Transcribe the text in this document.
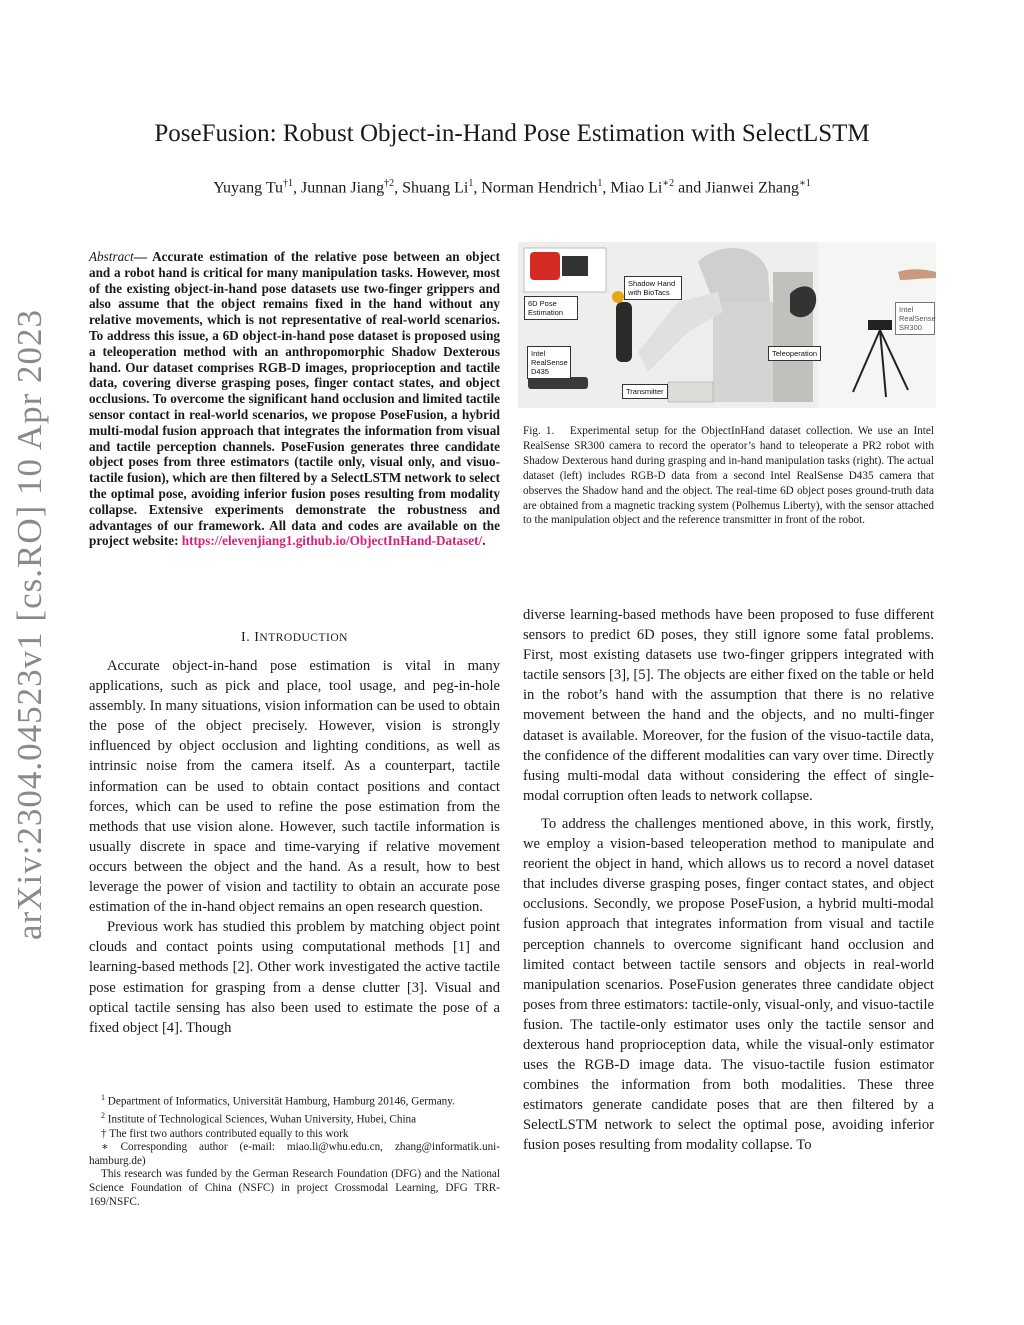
arXiv:2304.04523v1 [cs.RO] 10 Apr 2023
PoseFusion: Robust Object-in-Hand Pose Estimation with SelectLSTM
Yuyang Tu$^{\dagger 1}$, Junnan Jiang$^{\dagger 2}$, Shuang Li$^1$, Norman Hendrich$^1$, Miao $Li^{∗2}$ and Jianwei Zhang$^{∗1}$
Abstract— Accurate estimation of the relative pose between an object and a robot hand is critical for many manipulation tasks. However, most of the existing object-in-hand pose datasets use two-finger grippers and also assume that the object remains fixed in the hand without any relative movements, which is not representative of real-world scenarios. To address this issue, a 6D object-in-hand pose dataset is proposed using a teleoperation method with an anthropomorphic Shadow Dexterous hand. Our dataset comprises RGB-D images, proprioception and tactile data, covering diverse grasping poses, finger contact states, and object occlusions. To overcome the significant hand occlusion and limited tactile sensor contact in real-world scenarios, we propose PoseFusion, a hybrid multi-modal fusion approach that integrates the information from visual and tactile perception channels. PoseFusion generates three candidate object poses from three estimators (tactile only, visual only, and visuo-tactile fusion), which are then filtered by a SelectLSTM network to select the optimal pose, avoiding inferior fusion poses resulting from modality collapse. Extensive experiments demonstrate the robustness and advantages of our framework. All data and codes are available on the project website: https://elevenjiang1.github.io/ObjectInHand-Dataset/.
I. INTRODUCTION

Accurate object-in-hand pose estimation is vital in many applications, such as pick and place, tool usage, and peg-in-hole assembly. In many situations, vision information can be used to obtain the pose of the object precisely. However, vision is strongly influenced by object occlusion and lighting conditions, as well as intrinsic noise from the camera itself. As a counterpart, tactile information can be used to obtain contact positions and contact forces, which can be used to refine the pose estimation from the methods that use vision alone. However, such tactile information is usually discrete in space and time-varying if relative movement occurs between the object and the hand. As a result, how to best leverage the power of vision and tactility to obtain an accurate pose estimation of the in-hand object remains an open research question.

Previous work has studied this problem by matching object point clouds and contact points using computational methods [1] and learning-based methods [2]. Other work investigated the active tactile pose estimation for grasping from a dense clutter [3]. Visual and optical tactile sensing has also been used to estimate the pose of a fixed object [4]. Though

$^1$ Department of Informatics, Universität Hamburg, Hamburg 20146, Germany.
$^2$ Institute of Technological Sciences, Wuhan University, Hubei, China
† The first two authors contributed equally to this work
∗ Corresponding author (e-mail: miao.li@whu.edu.cn, zhang@informatik.uni-hamburg.de)
This research was funded by the German Research Foundation (DFG) and the National Science Foundation of China (NSFC) in project Crossmodal Learning, DFG TRR-169/NSFC.
6D Pose Estimation
Shadow Hand with BioTacs
Intel RealSense D435
Transmitter
Teleoperation
Intel RealSense SR300
Fig. 1. Experimental setup for the ObjectInHand dataset collection. We use an Intel RealSense SR300 camera to record the operator’s hand to teleoperate a PR2 robot with Shadow Dexterous hand during grasping and in-hand manipulation tasks (right). The actual dataset (left) includes RGB-D data from a second Intel RealSense D435 camera that observes the Shadow hand and the object. The real-time 6D object poses ground-truth data are obtained from a magnetic tracking system (Polhemus Liberty), with the sensor attached to the manipulation object and the reference transmitter in front of the robot.

diverse learning-based methods have been proposed to fuse different sensors to predict 6D poses, they still ignore some fatal problems. First, most existing datasets use two-finger grippers integrated with tactile sensors [3], [5]. The objects are either fixed on the table or held in the robot’s hand with the assumption that there is no relative movement between the hand and the objects, and no multi-finger dataset is available. Moreover, for the fusion of the visuo-tactile data, the confidence of the different modalities can vary over time. Directly fusing multi-modal data without considering the effect of single-modal corruption often leads to network collapse.

To address the challenges mentioned above, in this work, firstly, we employ a vision-based teleoperation method to manipulate and reorient the object in hand, which allows us to record a novel dataset that includes diverse grasping poses, finger contact states, and object occlusions. Secondly, we propose PoseFusion, a hybrid multi-modal fusion approach that integrates information from visual and tactile perception channels to overcome significant hand occlusion and limited contact between tactile sensors and objects in real-world manipulation scenarios. PoseFusion generates three candidate object poses from three estimators: tactile-only, visual-only, and visuo-tactile fusion. The tactile-only estimator uses only the tactile sensor and dexterous hand proprioception data, while the visual-only estimator uses the RGB-D image data. The visuo-tactile fusion estimator combines the information from both modalities. These three estimators generate candidate poses that are then filtered by a SelectLSTM network to select the optimal pose, avoiding inferior fusion poses resulting from modality collapse. To
